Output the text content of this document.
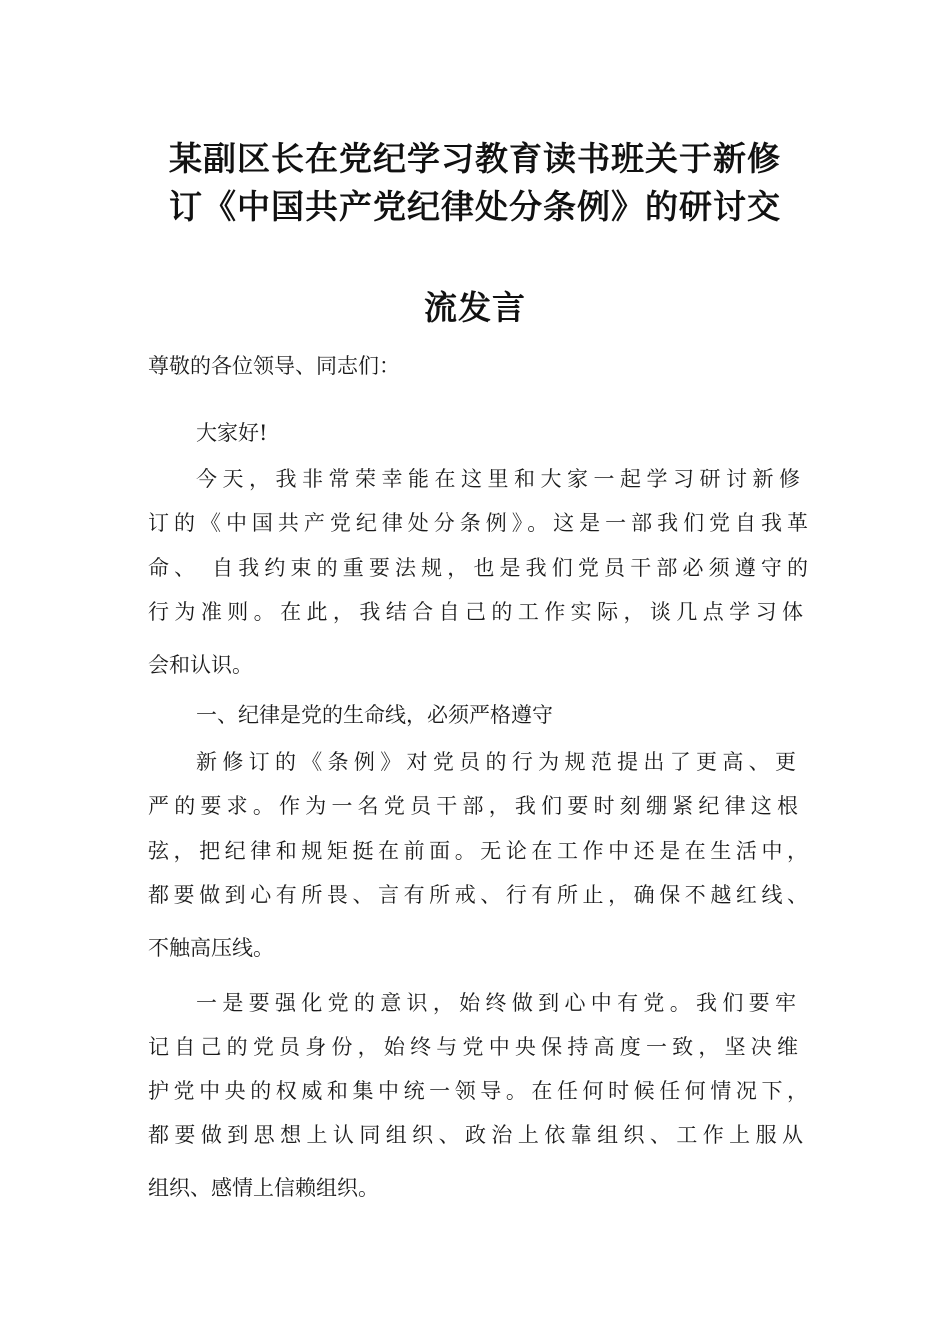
某副区长在党纪学习教育读书班关于新修
订《中国共产党纪律处分条例》的研讨交
流发言
尊敬的各位领导、同志们：
大家好!
今天，我非常荣幸能在这里和大家一起学习研讨新修
订的《中国共产党纪律处分条例》。这是一部我们党自我革
命、 自我约束的重要法规，也是我们党员干部必须遵守的
行为准则。在此，我结合自己的工作实际，谈几点学习体
会和认识。
一、纪律是党的生命线，必须严格遵守
新修订的《条例》对党员的行为规范提出了更高、更
严的要求。作为一名党员干部，我们要时刻绷紧纪律这根
弦，把纪律和规矩挺在前面。无论在工作中还是在生活中，
都要做到心有所畏、言有所戒、行有所止，确保不越红线、
不触高压线。
一是要强化党的意识，始终做到心中有党。我们要牢
记自己的党员身份，始终与党中央保持高度一致，坚决维
护党中央的权威和集中统一领导。在任何时候任何情况下，
都要做到思想上认同组织、政治上依靠组织、工作上服从
组织、感情上信赖组织。
